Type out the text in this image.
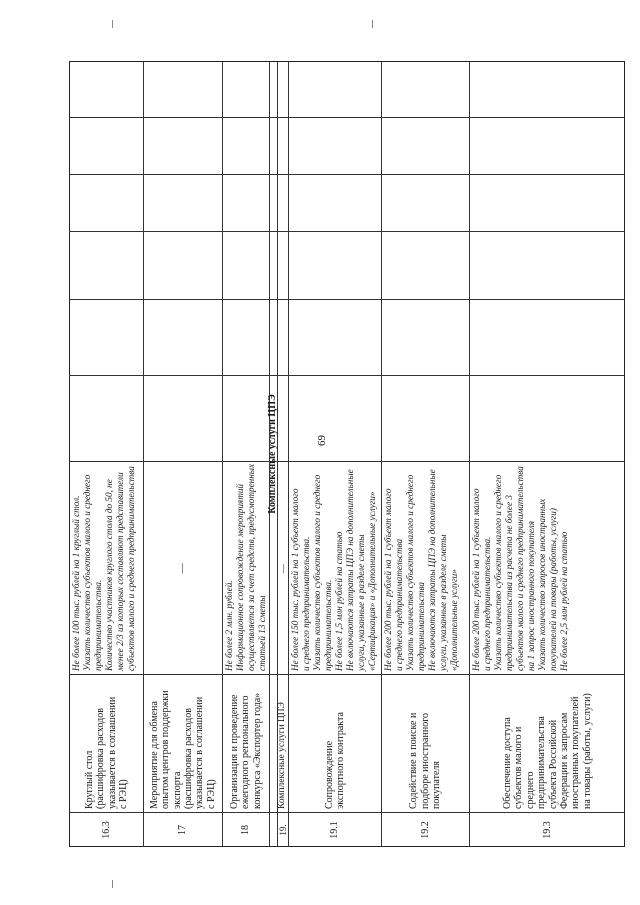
69
16.3
Круглый стол (расшифровка расходов указывается в соглашении с РЭЦ)
Не более 100 тыс. рублей на 1 круглый стол. Указать количество субъектов малого и среднего предпринимательства. Количество участников круглого стола до 50, не менее 2/3 из которых составляют представители субъектов малого и среднего предпринимательства
17
Мероприятие для обмена опытом центров поддержки экспорта (расшифровка расходов указывается в соглашении с РЭЦ)
—
18
Организация и проведение ежегодного регионального конкурса «Экспортер года»
Не более 2 млн. рублей. Информационное сопровождение мероприятий осуществляется за счет средств, предусмотренных статьей 13 сметы
Комплексные услуги ЦПЭ
19.
Комплексные услуги ЦПЭ
—
19.1
Сопровождение экспортного контракта
Не более 150 тыс. рублей на 1 субъект малого и среднего предпринимательства. Указать количество субъектов малого и среднего предпринимательства. Не более 1,5 млн рублей на статью Не включаются затраты ЦПЭ на дополнительные услуги, указанные в разделе сметы «Сертификация» и «Дополнительные услуги»
19.2
Содействие в поиске и подборе иностранного покупателя
Не более 200 тыс. рублей на 1 субъект малого и среднего предпринимательства Указать количество субъектов малого и среднего предпринимательства Не включаются затраты ЦПЭ на дополнительные услуги, указанные в разделе сметы «Дополнительные услуги»
19.3
Обеспечение доступа субъектов малого и среднего предпринимательства субъекта Российской Федерации к запросам иностранных покупателей на товары (работы, услуги)
Не более 200 тыс. рублей на 1 субъект малого и среднего предпринимательства. Указать количество субъектов малого и среднего предпринимательства из расчета не более 3 субъектов малого и среднего предпринимательства на 1 запрос иностранного покупателя Указать количество запросов иностранных покупателей на товары (работы, услуги) Не более 2,5 млн рублей на статью
